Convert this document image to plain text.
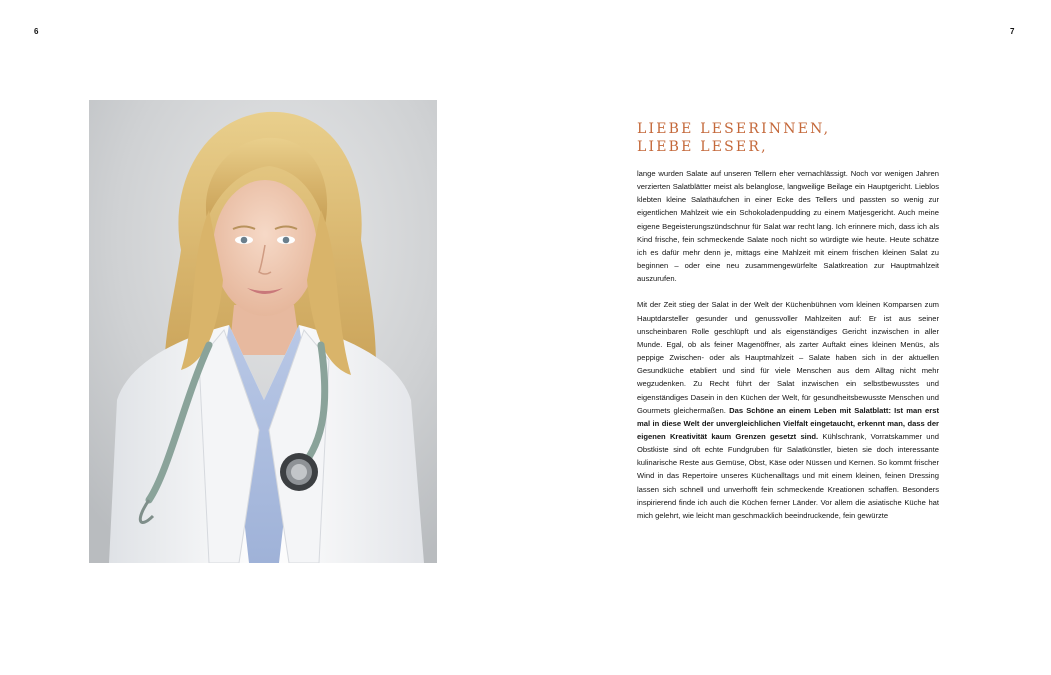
6	7
LIEBE LESERINNEN,
LIEBE LESER,

lange wurden Salate auf unseren Tellern eher vernachlässigt. Noch vor wenigen Jahren verzierten Salatblätter meist als belanglose, langweilige Beilage ein Hauptgericht. Lieblos klebten kleine Salathäufchen in einer Ecke des Tellers und passten so wenig zur eigentlichen Mahlzeit wie ein Schokoladenpudding zu einem Matjesgericht. Auch meine eigene Begeisterungszündschnur für Salat war recht lang. Ich erinnere mich, dass ich als Kind frische, fein schmeckende Salate noch nicht so würdigte wie heute. Heute schätze ich es dafür mehr denn je, mittags eine Mahlzeit mit einem frischen kleinen Salat zu beginnen – oder eine neu zusammengewürfelte Salatkreation zur Hauptmahlzeit auszurufen.

Mit der Zeit stieg der Salat in der Welt der Küchenbühnen vom kleinen Komparsen zum Hauptdarsteller gesunder und genussvoller Mahlzeiten auf: Er ist aus seiner unscheinbaren Rolle geschlüpft und als eigenständiges Gericht inzwischen in aller Munde. Egal, ob als feiner Magenöffner, als zarter Auftakt eines kleinen Menüs, als peppige Zwischen- oder als Hauptmahlzeit – Salate haben sich in der aktuellen Gesundküche etabliert und sind für viele Menschen aus dem Alltag nicht mehr wegzudenken. Zu Recht führt der Salat inzwischen ein selbstbewusstes und eigenständiges Dasein in den Küchen der Welt, für gesundheitsbewusste Menschen und Gourmets gleichermaßen. Das Schöne an einem Leben mit Salatblatt: Ist man erst mal in diese Welt der unvergleichlichen Vielfalt eingetaucht, erkennt man, dass der eigenen Kreativität kaum Grenzen gesetzt sind. Kühlschrank, Vorratskammer und Obstkiste sind oft echte Fundgruben für Salatkünstler, bieten sie doch interessante kulinarische Reste aus Gemüse, Obst, Käse oder Nüssen und Kernen. So kommt frischer Wind in das Repertoire unseres Küchenalltags und mit einem kleinen, feinen Dressing lassen sich schnell und unverhofft fein schmeckende Kreationen schaffen. Besonders inspirierend finde ich auch die Küchen ferner Länder. Vor allem die asiatische Küche hat mich gelehrt, wie leicht man geschmacklich beeindruckende, fein gewürzte
